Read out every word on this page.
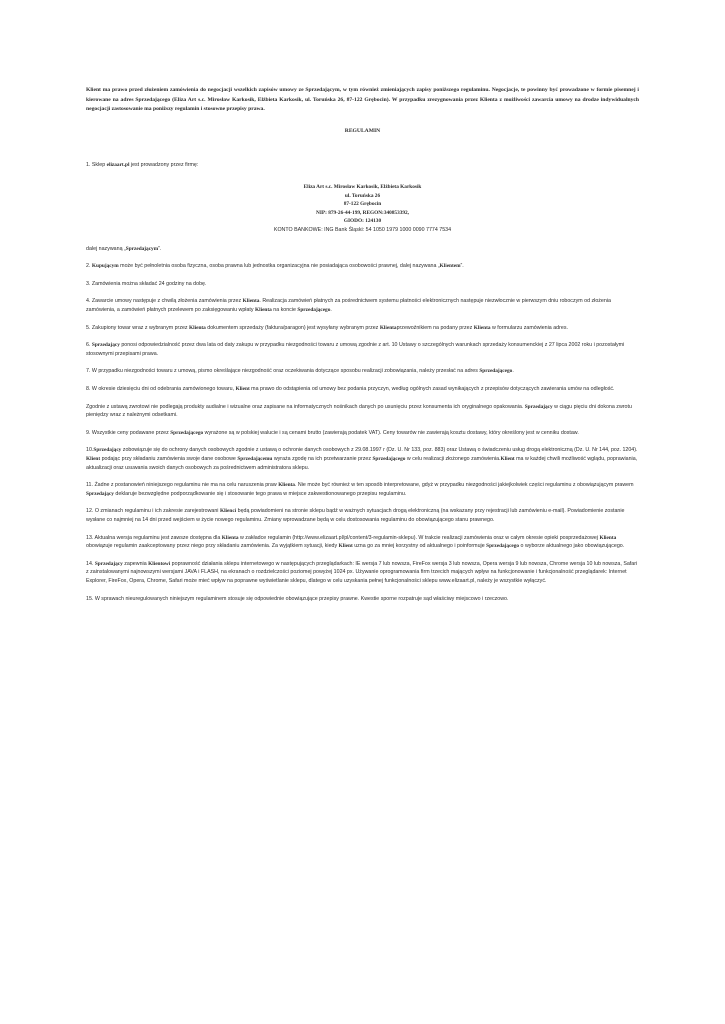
Klient ma prawo przed złożeniem zamówienia do negocjacji wszelkich zapisów umowy ze Sprzedającym, w tym również zmieniających zapisy poniższego regulaminu. Negocjacje, te powinny być prowadzone w formie pisemnej i kierowane na adres Sprzedającego (Eliza Art s.c. Mirosław Karkosik, Elżbieta Karkosik, ul. Toruńska 26, 87-122 Grębocin). W przypadku zrezygnowania przez Klienta z możliwości zawarcia umowy na drodze indywidualnych negocjacji zastosowanie ma poniższy regulamin i stosowne przepisy prawa.

REGULAMIN

1. Sklep elizaart.pl jest prowadzony przez firmę:

Eliza Art s.c. Mirosław Karkosik, Elżbieta Karkosik
ul. Toruńska 26
87-122 Grębocin
NIP: 879-26-44-199, REGON:340853392,
GIODO: 124130
KONTO BANKOWE: ING Bank Śląski: 54 1050 1979 1000 0090 7774 7534

dalej nazywaną „Sprzedającym”.

2. Kupującym może być pełnoletnia osoba fizyczna, osoba prawna lub jednostka organizacyjna nie posiadająca osobowości prawnej, dalej nazywana „Klientem”.

3. Zamówienia można składać 24 godziny na dobę.

4. Zawarcie umowy następuje z chwilą złożenia zamówienia przez Klienta. Realizacja zamówień płatnych za pośrednictwem systemu płatności elektronicznych następuje niezwłocznie w pierwszym dniu roboczym od złożenia zamówienia, a zamówień płatnych przelewem po zaksięgowaniu wpłaty Klienta na koncie Sprzedającego.

5. Zakupiony towar wraz z wybranym przez Klienta dokumentem sprzedaży (faktura/paragon) jest wysyłany wybranym przez Klientaprzewoźnikiem na podany przez Klienta w formularzu zamówienia adres.

6. Sprzedający ponosi odpowiedzialność przez dwa lata od daty zakupu w przypadku niezgodności towaru z umową zgodnie z art. 10 Ustawy o szczególnych warunkach sprzedaży konsumenckiej z 27 lipca 2002 roku i pozostałymi stosownymi przepisami prawa.

7. W przypadku niezgodności towaru z umową, pismo określające niezgodność oraz oczekiwania dotyczące sposobu realizacji zobowiązania, należy przesłać na adres Sprzedającego.

8. W okresie dziesięciu dni od odebrania zamówionego towaru, Klient ma prawo do odstąpienia od umowy bez podania przyczyn, według ogólnych zasad wynikających z przepisów dotyczących zawierania umów na odległość.

Zgodnie z ustawą zwrotowi nie podlegają produkty audialne i wizualne oraz zapisane na informatycznych nośnikach danych po usunięciu przez konsumenta ich oryginalnego opakowania. Sprzedający w ciągu pięciu dni dokona zwrotu pieniędzy wraz z należnymi odsetkami.

9. Wszystkie ceny podawane przez Sprzedającego wyrażone są w polskiej walucie i są cenami brutto (zawierają podatek VAT). Ceny towarów nie zawierają kosztu dostawy, który określony jest w cenniku dostaw.

10.Sprzedający zobowiązuje się do ochrony danych osobowych zgodnie z ustawą o ochronie danych osobowych z 29.08.1997 r (Dz. U. Nr 133, poz. 883) oraz Ustawą o świadczeniu usług drogą elektroniczną (Dz. U. Nr 144, poz. 1204). Klient podając przy składaniu zamówienia swoje dane osobowe Sprzedającemu wyraża zgodę na ich przetwarzanie przez Sprzedającego w celu realizacji złożonego zamówienia.Klient ma w każdej chwili możliwość wglądu, poprawiania, aktualizacji oraz usuwania swoich danych osobowych za pośrednictwem administratora sklepu.

11. Żadne z postanowień niniejszego regulaminu nie ma na celu naruszenia praw Klienta. Nie może być również w ten sposób interpretowane, gdyż w przypadku niezgodności jakiejkolwiek części regulaminu z obowiązującym prawem Sprzedający deklaruje bezwzględne podporządkowanie się i stosowanie tego prawa w miejsce zakwestionowanego przepisu regulaminu.

12. O zmianach regulaminu i ich zakresie zarejestrowani Klienci będą powiadomieni na stronie sklepu bądź w ważnych sytuacjach drogą elektroniczną (na wskazany przy rejestracji lub zamówieniu e-mail). Powiadomienie zostanie wysłane co najmniej na 14 dni przed wejściem w życie nowego regulaminu. Zmiany wprowadzane będą w celu dostosowania regulaminu do obowiązującego stanu prawnego.

13. Aktualna wersja regulaminu jest zawsze dostępna dla Klienta w zakładce regulamin (http://www.elizaart.pl/pl/content/3-regulamin-sklepu). W trakcie realizacji zamówienia oraz w całym okresie opieki posprzedażowej Klienta obowiązuje regulamin zaakceptowany przez niego przy składaniu zamówienia. Za wyjątkiem sytuacji, kiedy Klient uzna go za mniej korzystny od aktualnego i poinformuje Sprzedającego o wyborze aktualnego jako obowiązującego.

14. Sprzedający zapewnia Klientowi poprawność działania sklepu internetowego w następujących przeglądarkach: IE wersja 7 lub nowsza, FireFox wersja 3 lub nowsza, Opera wersja 9 lub nowsza, Chrome wersja 10 lub nowsza, Safari z zainstalowanymi najnowszymi wersjami JAVA i FLASH, na ekranach o rozdzielczości poziomej powyżej 1024 px. Używanie oprogramowania firm trzecich mających wpływ na funkcjonowanie i funkcjonalność przeglądarek: Internet Explorer, FireFox, Opera, Chrome, Safari może mieć wpływ na poprawne wyświetlanie sklepu, dlatego w celu uzyskania pełnej funkcjonalności sklepu www.elizaart.pl, należy je wszystkie wyłączyć.

15. W sprawach nieuregulowanych niniejszym regulaminem stosuje się odpowiednie obowiązujące przepisy prawne. Kwestie sporne rozpatruje sąd właściwy miejscowo i rzeczowo.
